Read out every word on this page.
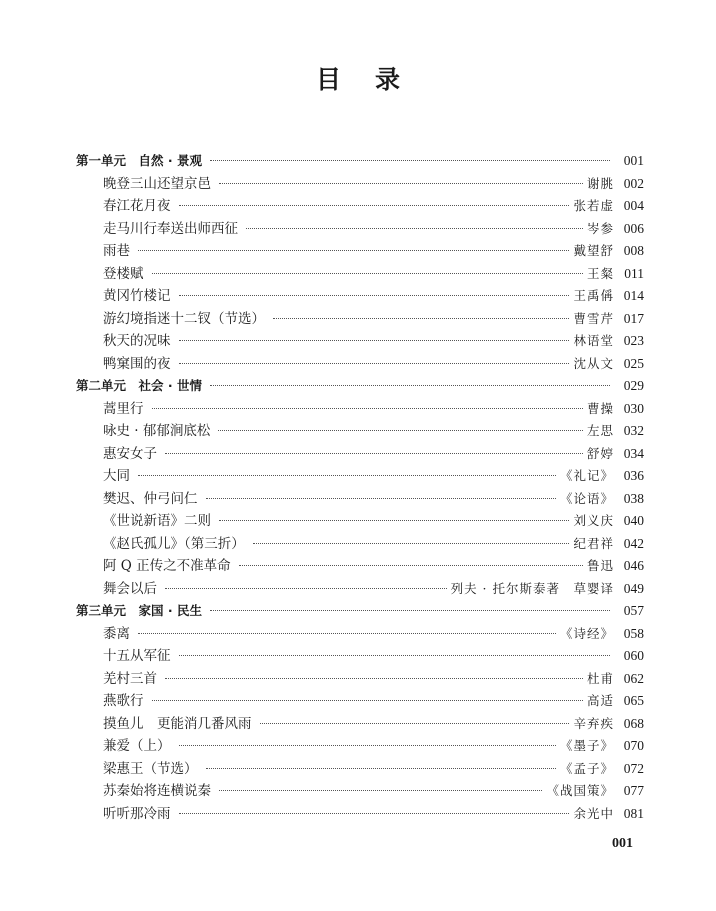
目 录
第一单元　自然 · 景观	001
晚登三山还望京邑	谢朓 002
春江花月夜	张若虚 004
走马川行奉送出师西征	岑参 006
雨巷	戴望舒 008
登楼赋	王粲 011
黄冈竹楼记	王禹偁 014
游幻境指迷十二钗（节选）	曹雪芹 017
秋天的况味	林语堂 023
鸭窠围的夜	沈从文 025
第二单元　社会 · 世情	029
蒿里行	曹操 030
咏史 · 郁郁涧底松	左思 032
惠安女子	舒婷 034
大同	《礼记》 036
樊迟、仲弓问仁	《论语》 038
《世说新语》二则	刘义庆 040
《赵氏孤儿》（第三折）	纪君祥 042
阿 Q 正传之不准革命	鲁迅 046
舞会以后	列夫 · 托尔斯泰著　草婴译 049
第三单元　家国 · 民生	057
黍离	《诗经》 058
十五从军征	060
羌村三首	杜甫 062
燕歌行	高适 065
摸鱼儿　更能消几番风雨	辛弃疾 068
兼爱（上）	《墨子》 070
梁惠王（节选）	《孟子》 072
苏秦始将连横说秦	《战国策》 077
听听那冷雨	余光中 081
001
